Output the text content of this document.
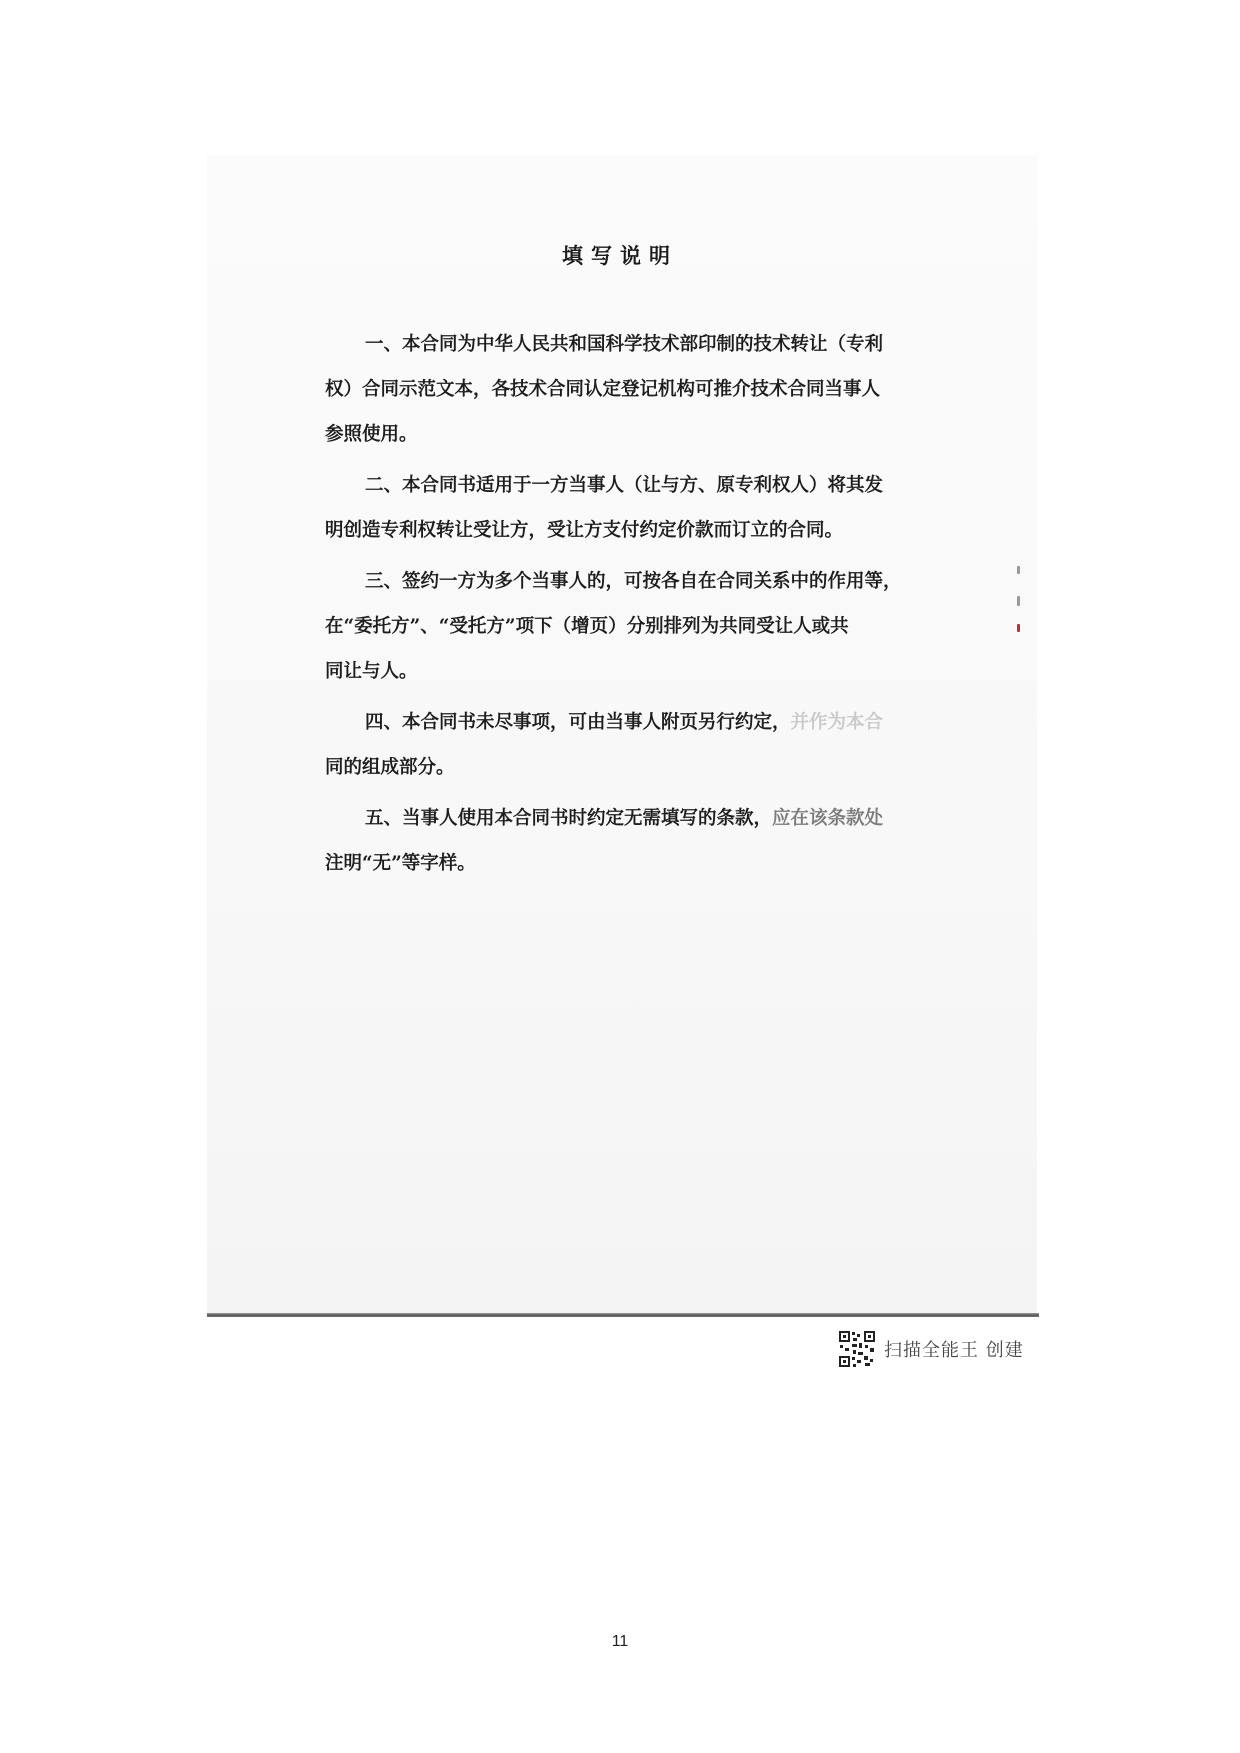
填写说明

一、本合同为中华人民共和国科学技术部印制的技术转让（专利
权）合同示范文本，各技术合同认定登记机构可推介技术合同当事人
参照使用。

二、本合同书适用于一方当事人（让与方、原专利权人）将其发
明创造专利权转让受让方，受让方支付约定价款而订立的合同。

三、签约一方为多个当事人的，可按各自在合同关系中的作用等，
在“委托方”、“受托方”项下（增页）分别排列为共同受让人或共
同让与人。

四、本合同书未尽事项，可由当事人附页另行约定，并作为本合
同的组成部分。

五、当事人使用本合同书时约定无需填写的条款，应在该条款处
注明“无”等字样。

扫描全能王 创建
11
